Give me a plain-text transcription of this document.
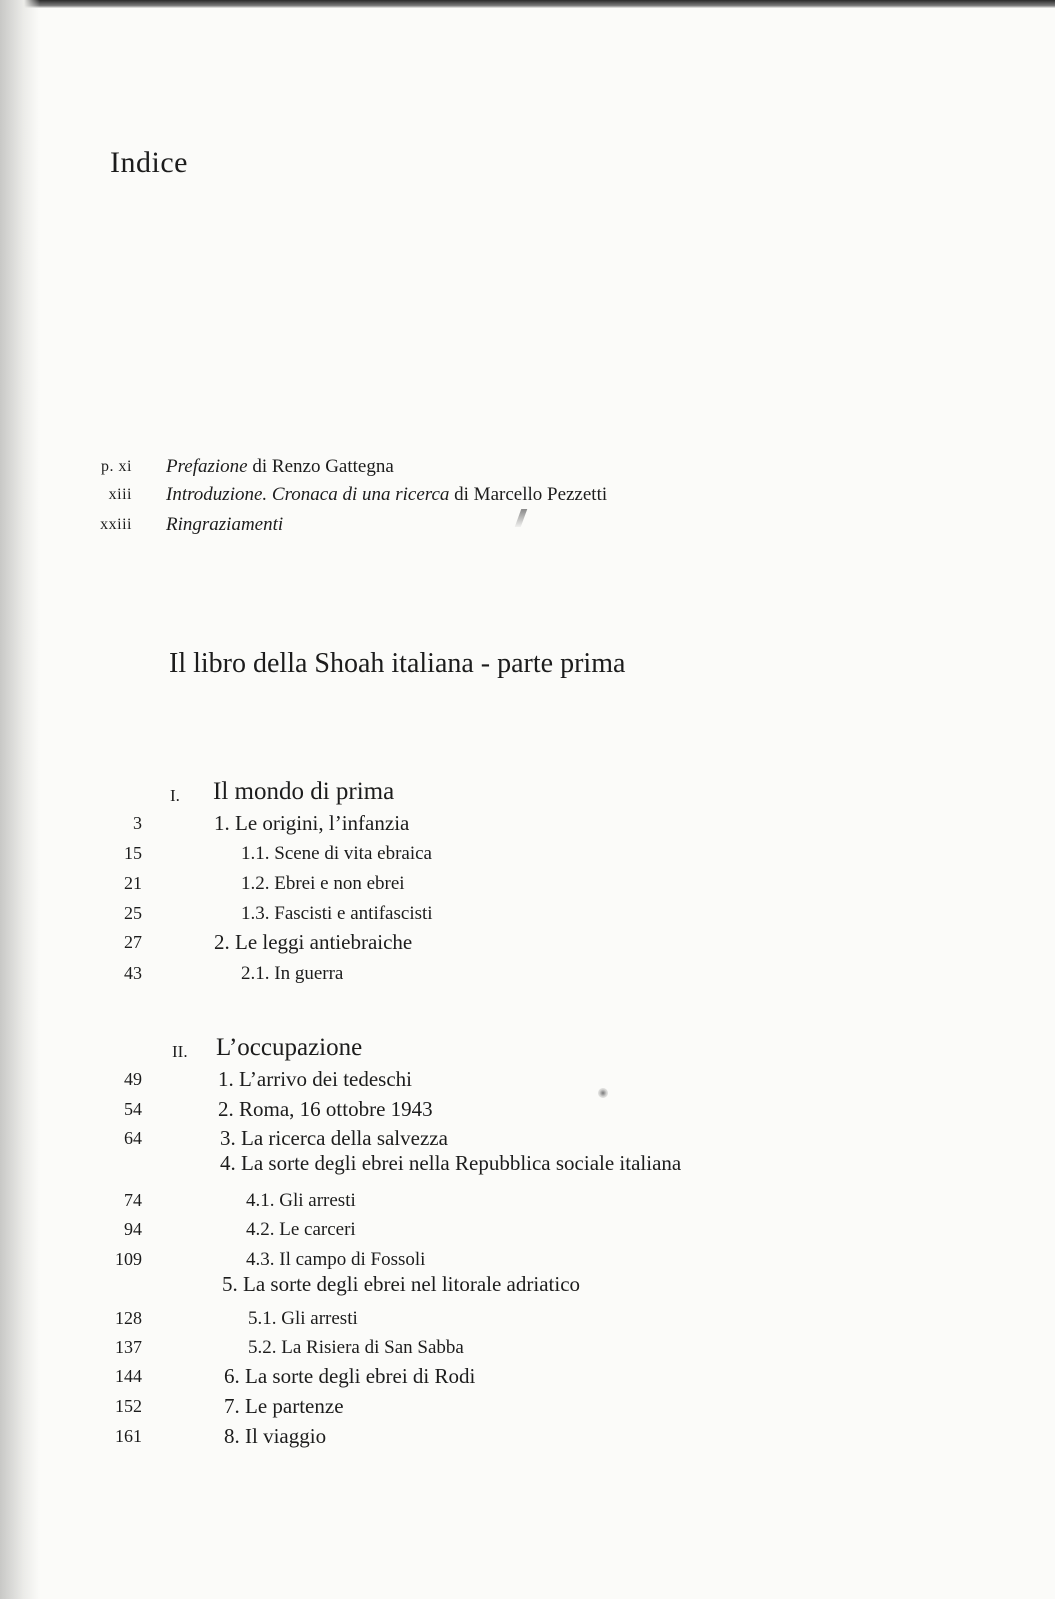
Indice
p. xi Prefazione di Renzo Gattegna
xiii Introduzione. Cronaca di una ricerca di Marcello Pezzetti
xxiii Ringraziamenti
Il libro della Shoah italiana - parte prima
I. Il mondo di prima
3	1. Le origini, l’infanzia
15	1.1. Scene di vita ebraica
21	1.2. Ebrei e non ebrei
25	1.3. Fascisti e antifascisti
27	2. Le leggi antiebraiche
43	2.1. In guerra
II. L’occupazione
49	1. L’arrivo dei tedeschi
54	2. Roma, 16 ottobre 1943
64	3. La ricerca della salvezza
4. La sorte degli ebrei nella Repubblica sociale italiana
74	4.1. Gli arresti
94	4.2. Le carceri
109	4.3. Il campo di Fossoli
5. La sorte degli ebrei nel litorale adriatico
128	5.1. Gli arresti
137	5.2. La Risiera di San Sabba
144	6. La sorte degli ebrei di Rodi
152	7. Le partenze
161	8. Il viaggio
